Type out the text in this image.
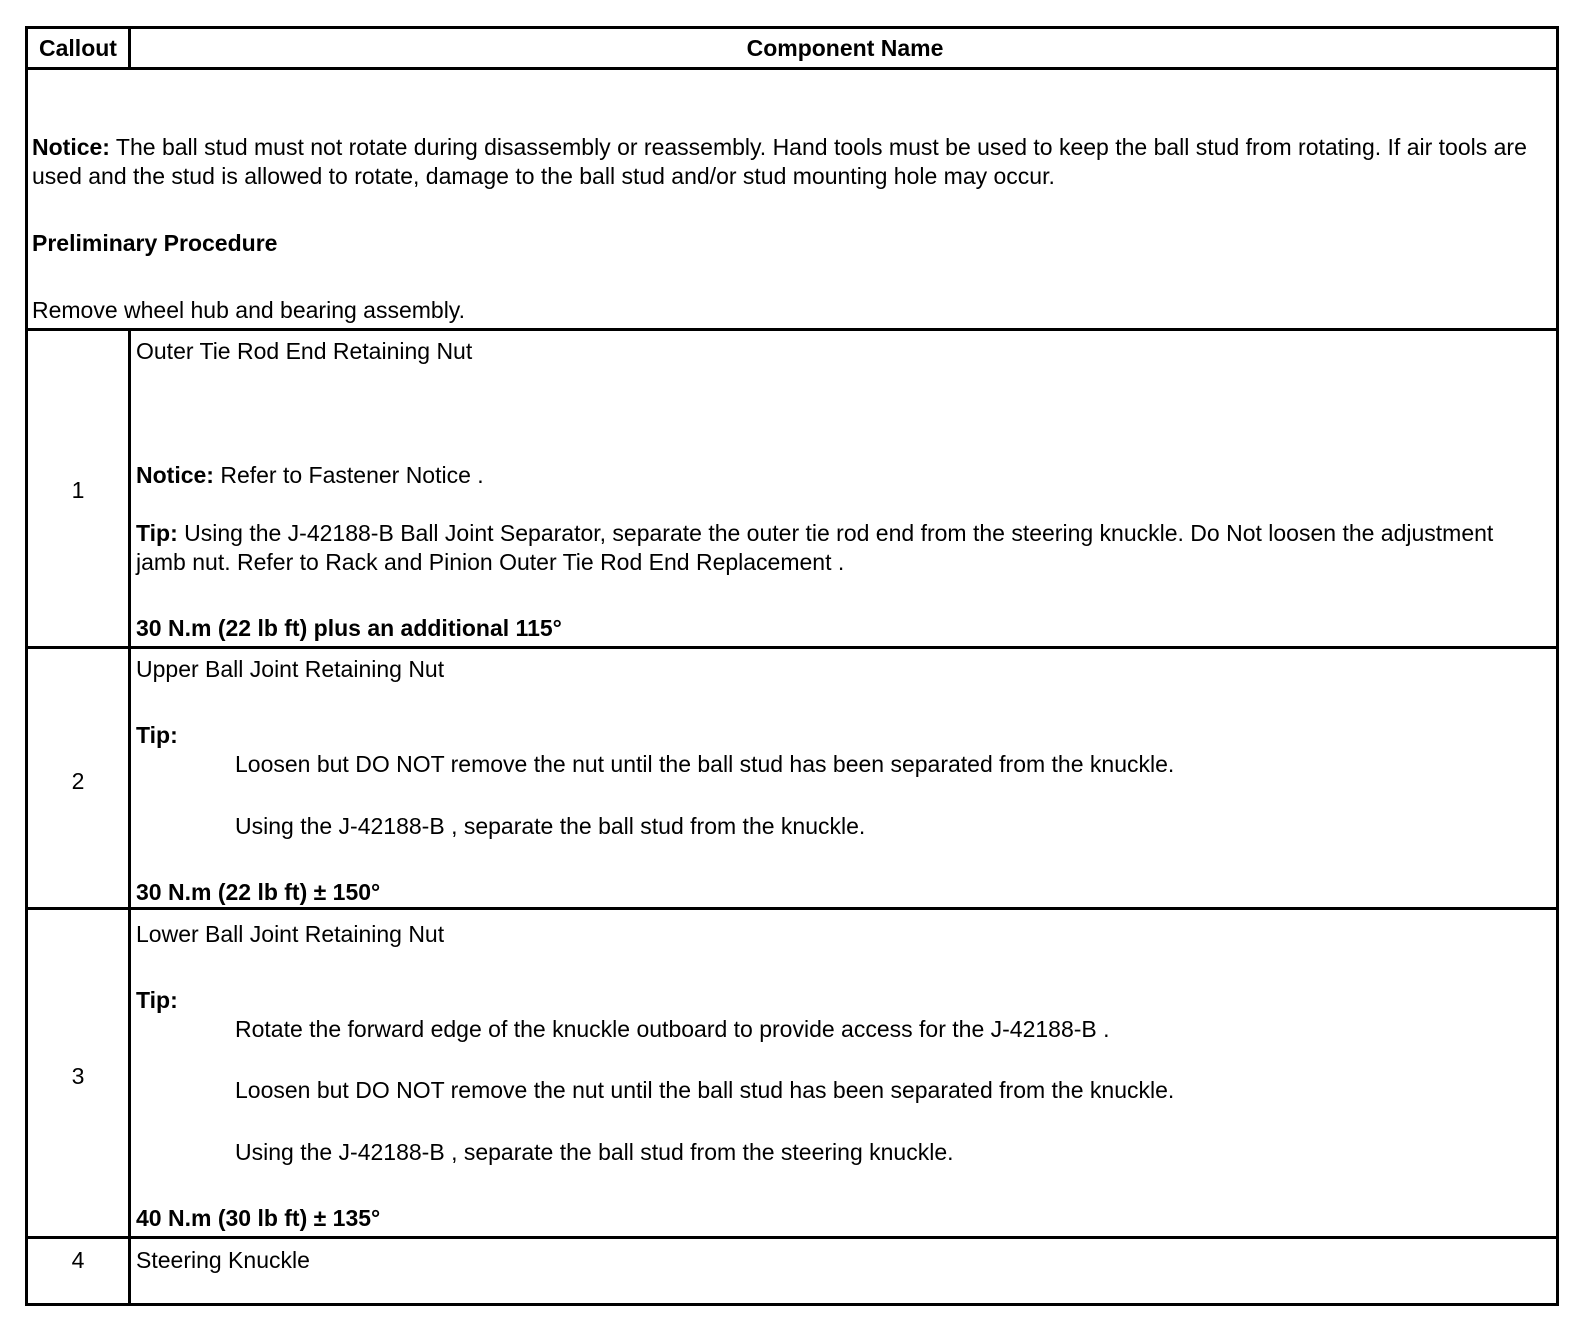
Callout	Component Name
Notice: The ball stud must not rotate during disassembly or reassembly. Hand tools must be used to keep the ball stud from rotating. If air tools are used and the stud is allowed to rotate, damage to the ball stud and/or stud mounting hole may occur.
Preliminary Procedure
Remove wheel hub and bearing assembly.
1
Outer Tie Rod End Retaining Nut
Notice: Refer to Fastener Notice .
Tip: Using the J-42188-B Ball Joint Separator, separate the outer tie rod end from the steering knuckle. Do Not loosen the adjustment jamb nut. Refer to Rack and Pinion Outer Tie Rod End Replacement .
30 N.m (22 lb ft) plus an additional 115°
2
Upper Ball Joint Retaining Nut
Tip:
Loosen but DO NOT remove the nut until the ball stud has been separated from the knuckle.
Using the J-42188-B , separate the ball stud from the knuckle.
30 N.m (22 lb ft) ± 150°
3
Lower Ball Joint Retaining Nut
Tip:
Rotate the forward edge of the knuckle outboard to provide access for the J-42188-B .
Loosen but DO NOT remove the nut until the ball stud has been separated from the knuckle.
Using the J-42188-B , separate the ball stud from the steering knuckle.
40 N.m (30 lb ft) ± 135°
4	Steering Knuckle
